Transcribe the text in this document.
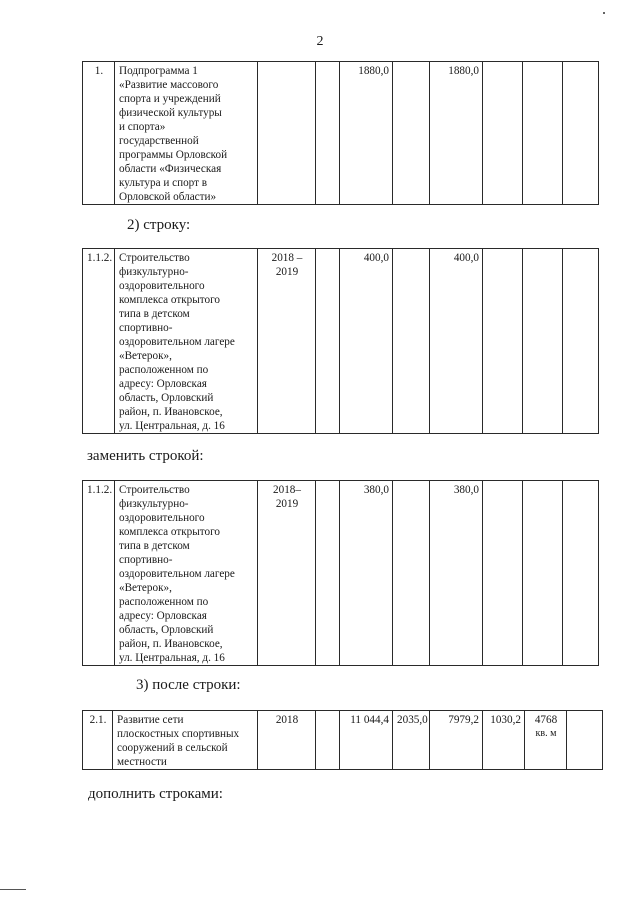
2
1.	Подпрограмма 1
«Развитие массового
спорта и учреждений
физической культуры
и спорта»
государственной
программы Орловской
области «Физическая
культура и спорт в
Орловской области»			1880,0		1880,0			
2) строку:
1.1.2.	Строительство
физкультурно-
оздоровительного
комплекса открытого
типа в детском
спортивно-
оздоровительном лагере
«Ветерок»,
расположенном по
адресу: Орловская
область, Орловский
район, п. Ивановское,
ул. Центральная, д. 16	2018 –
2019		400,0		400,0			
заменить строкой:
1.1.2.	Строительство
физкультурно-
оздоровительного
комплекса открытого
типа в детском
спортивно-
оздоровительном лагере
«Ветерок»,
расположенном по
адресу: Орловская
область, Орловский
район, п. Ивановское,
ул. Центральная, д. 16	2018–
2019		380,0		380,0			
3) после строки:
2.1.	Развитие сети
плоскостных спортивных
сооружений в сельской
местности	2018		11 044,4	2035,0	7979,2	1030,2	4768
кв. м

дополнить строками:
